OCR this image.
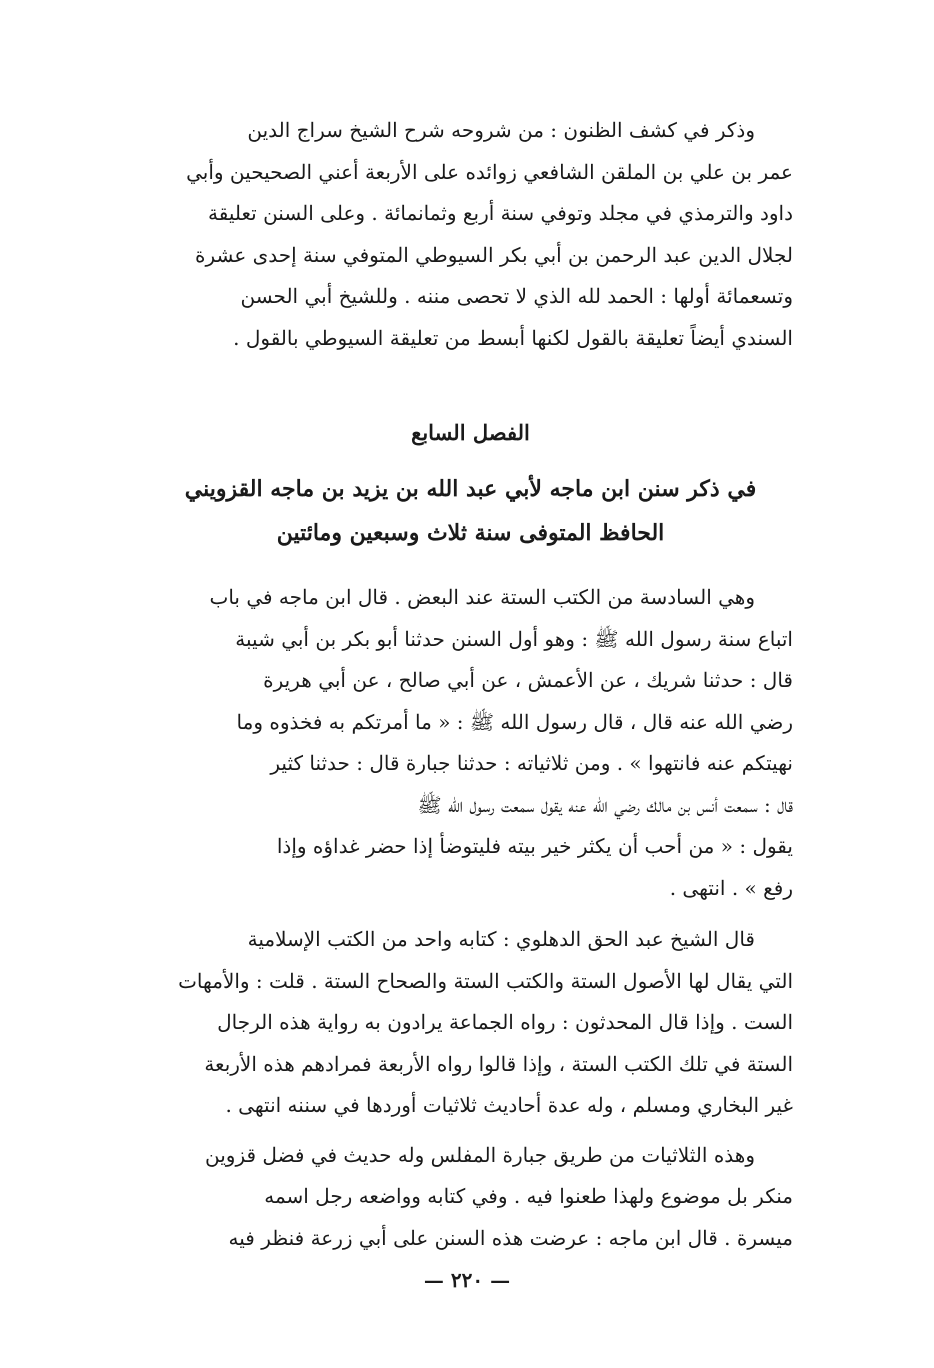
وذكر في كشف الظنون : من شروحه شرح الشيخ سراج الدين

عمر بن علي بن الملقن الشافعي زوائده على الأربعة أعني الصحيحين وأبي

داود والترمذي في مجلد وتوفي سنة أربع وثمانمائة . وعلى السنن تعليقة

لجلال الدين عبد الرحمن بن أبي بكر السيوطي المتوفي سنة إحدى عشرة

وتسعمائة أولها : الحمد لله الذي لا تحصى مننه . وللشيخ أبي الحسن

السندي أيضاً تعليقة بالقول لكنها أبسط من تعليقة السيوطي بالقول .

الفصل السابع
في ذكر سنن ابن ماجه لأبي عبد الله بن يزيد بن ماجه القزويني
الحافظ المتوفى سنة ثلاث وسبعين ومائتين

وهي السادسة من الكتب الستة عند البعض . قال ابن ماجه في باب

اتباع سنة رسول الله ﷺ : وهو أول السنن حدثنا أبو بكر بن أبي شيبة

قال : حدثنا شريك ، عن الأعمش ، عن أبي صالح ، عن أبي هريرة

رضي الله عنه قال ، قال رسول الله ﷺ : « ما أمرتكم به فخذوه وما

نهيتكم عنه فانتهوا » . ومن ثلاثياته : حدثنا جبارة قال : حدثنا كثير

قال : سمعت أنس بن مالك رضي الله عنه يقول سمعت رسول الله ﷺ

يقول : « من أحب أن يكثر خير بيته فليتوضأ إذا حضر غداؤه وإذا

رفع » . انتهى .

قال الشيخ عبد الحق الدهلوي : كتابه واحد من الكتب الإسلامية

التي يقال لها الأصول الستة والكتب الستة والصحاح الستة . قلت : والأمهات

الست . وإذا قال المحدثون : رواه الجماعة يرادون به رواية هذه الرجال

الستة في تلك الكتب الستة ، وإذا قالوا رواه الأربعة فمرادهم هذه الأربعة

غير البخاري ومسلم ، وله عدة أحاديث ثلاثيات أوردها في سننه انتهى .

وهذه الثلاثيات من طريق جبارة المفلس وله حديث في فضل قزوين

منكر بل موضوع ولهذا طعنوا فيه . وفي كتابه وواضعه رجل اسمه

ميسرة . قال ابن ماجه : عرضت هذه السنن على أبي زرعة فنظر فيه

— ٢٢٠ —
